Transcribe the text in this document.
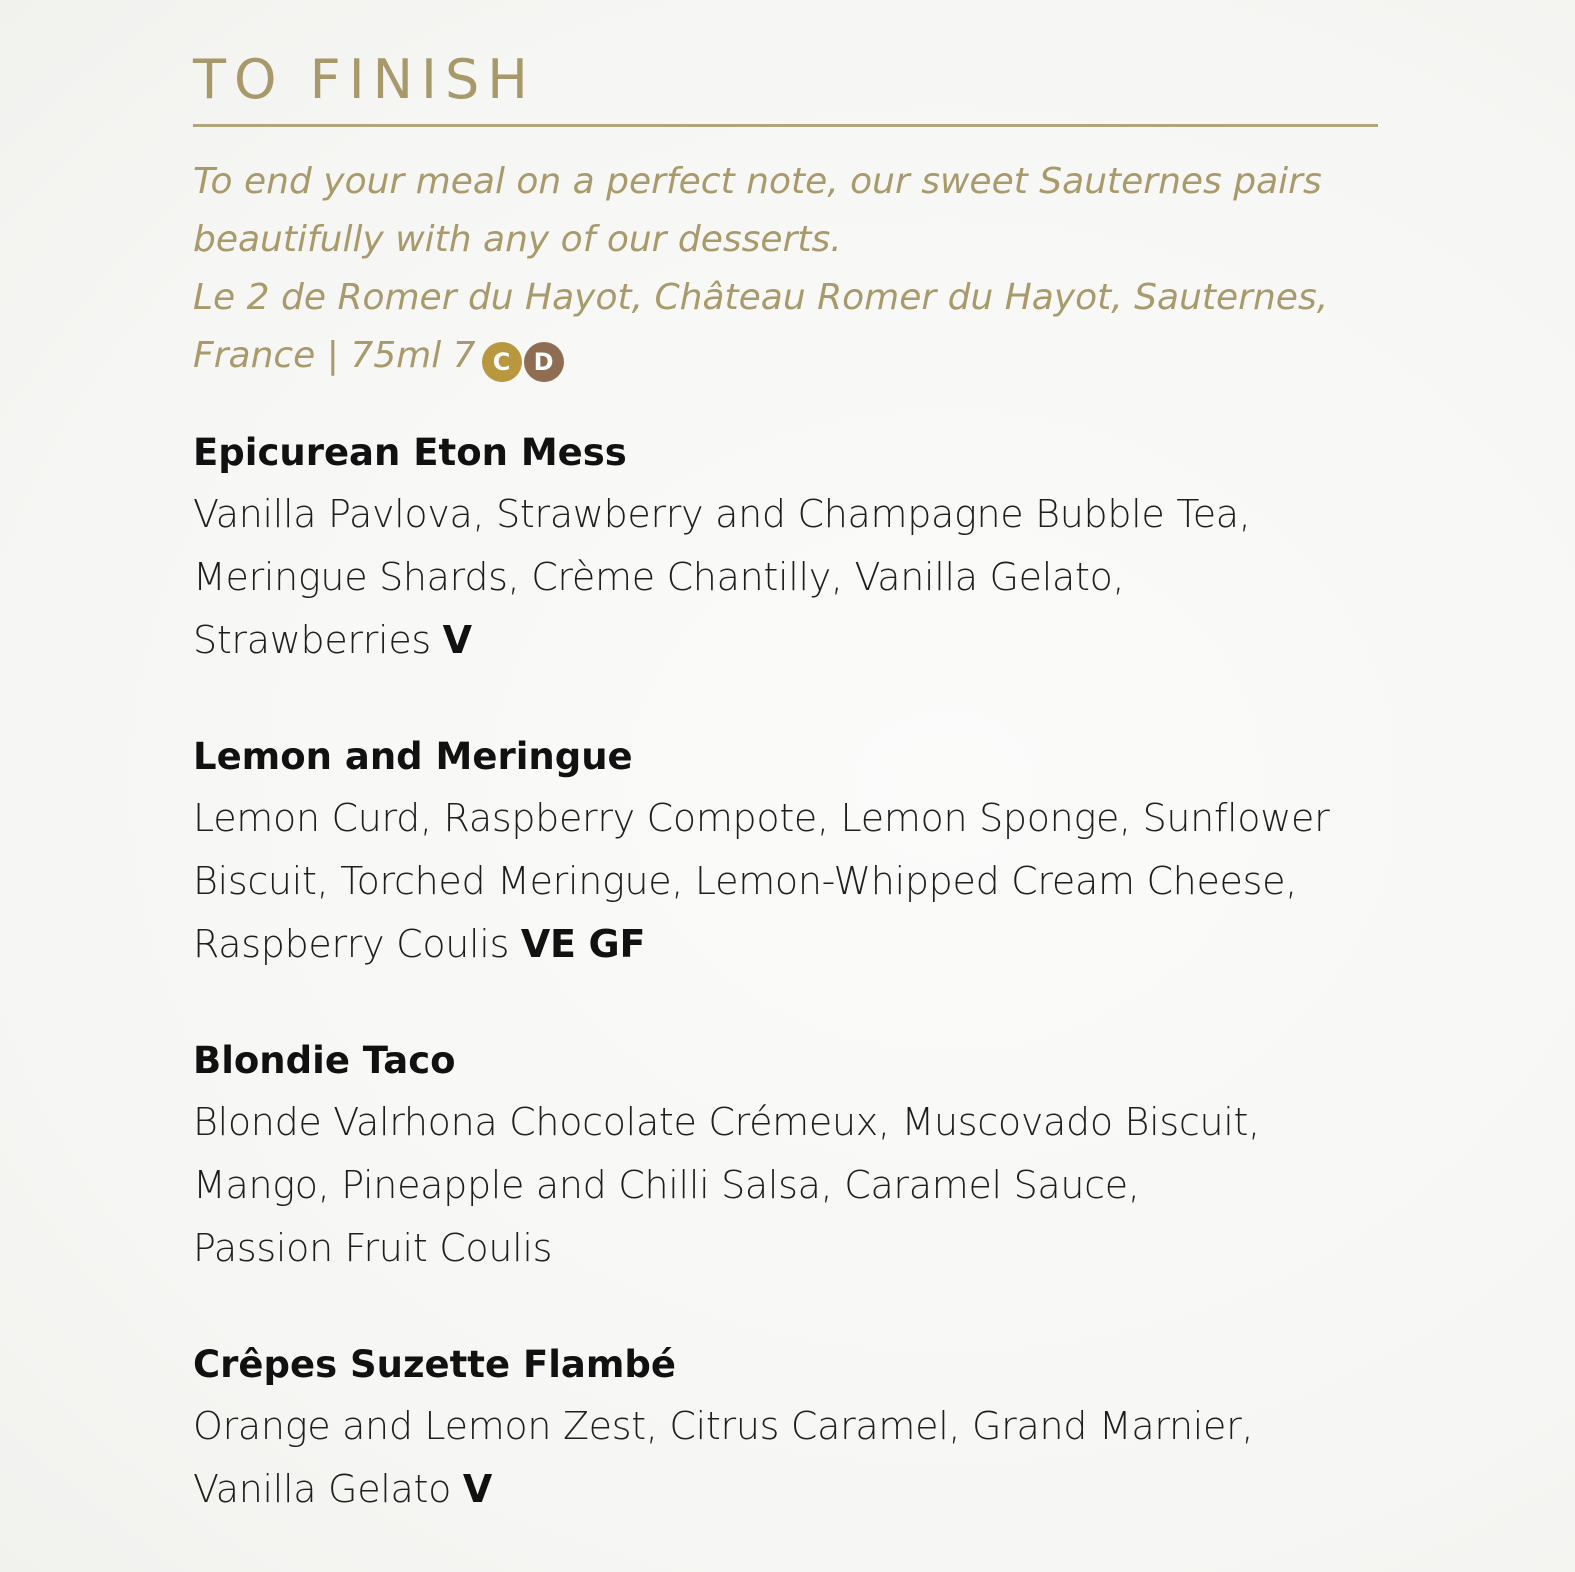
TO FINISH

To end your meal on a perfect note, our sweet Sauternes pairs

beautifully with any of our desserts.

Le 2 de Romer du Hayot, Château Romer du Hayot, Sauternes,

France | 75ml 7 C D

Epicurean Eton Mess

Vanilla Pavlova, Strawberry and Champagne Bubble Tea,
Meringue Shards, Crème Chantilly, Vanilla Gelato,
Strawberries V

Lemon and Meringue

Lemon Curd, Raspberry Compote, Lemon Sponge, Sunflower
Biscuit, Torched Meringue, Lemon-Whipped Cream Cheese,
Raspberry Coulis VE GF

Blondie Taco

Blonde Valrhona Chocolate Crémeux, Muscovado Biscuit,
Mango, Pineapple and Chilli Salsa, Caramel Sauce,
Passion Fruit Coulis

Crêpes Suzette Flambé

Orange and Lemon Zest, Citrus Caramel, Grand Marnier,
Vanilla Gelato V
